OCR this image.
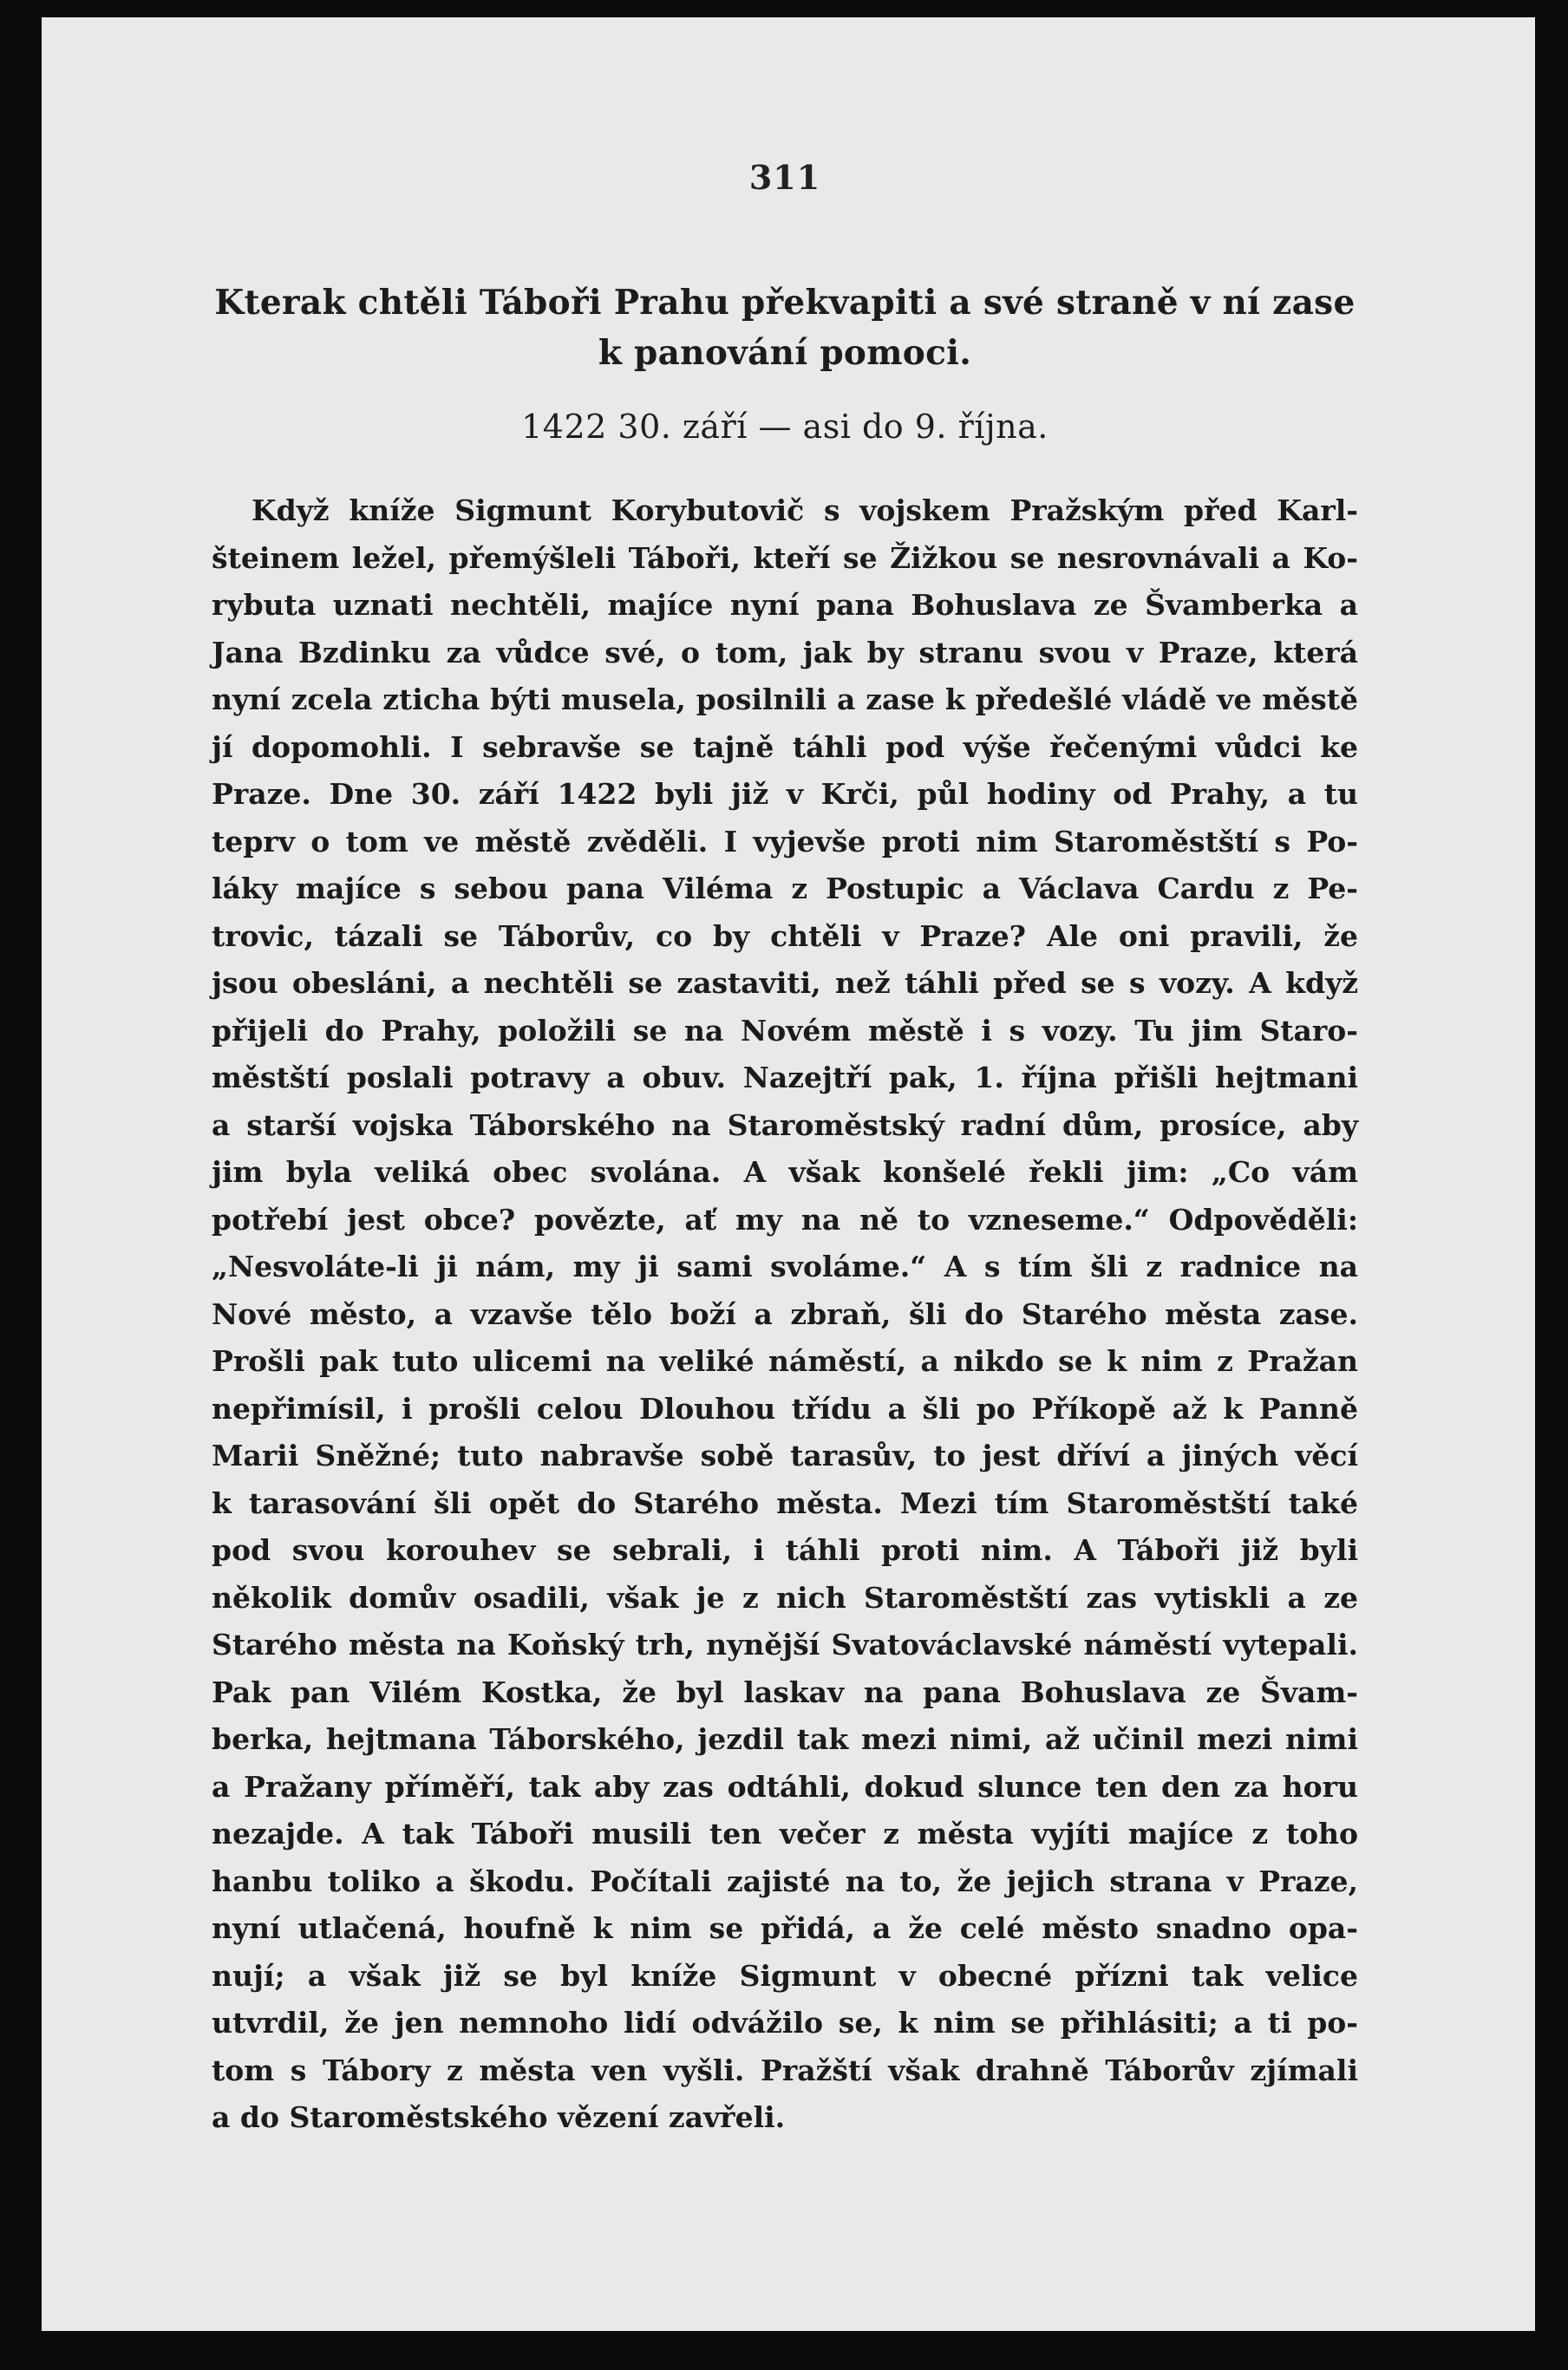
311
Kterak chtěli Táboři Prahu překvapiti a své straně v ní zase
k panování pomoci.
1422 30. září — asi do 9. října.
Když kníže Sigmunt Korybutovič s vojskem Pražským před Karl-
šteinem ležel, přemýšleli Táboři, kteří se Žižkou se nesrovnávali a Ko-
rybuta uznati nechtěli, majíce nyní pana Bohuslava ze Švamberka a
Jana Bzdinku za vůdce své, o tom, jak by stranu svou v Praze, která
nyní zcela zticha býti musela, posilnili a zase k předešlé vládě ve městě
jí dopomohli. I sebravše se tajně táhli pod výše řečenými vůdci ke
Praze. Dne 30. září 1422 byli již v Krči, půl hodiny od Prahy, a tu
teprv o tom ve městě zvěděli. I vyjevše proti nim Staroměstští s Po-
láky majíce s sebou pana Viléma z Postupic a Václava Cardu z Pe-
trovic, tázali se Táborův, co by chtěli v Praze? Ale oni pravili, že
jsou obesláni, a nechtěli se zastaviti, než táhli před se s vozy. A když
přijeli do Prahy, položili se na Novém městě i s vozy. Tu jim Staro-
městští poslali potravy a obuv. Nazejtří pak, 1. října přišli hejtmani
a starší vojska Táborského na Staroměstský radní dům, prosíce, aby
jim byla veliká obec svolána. A však konšelé řekli jim: „Co vám
potřebí jest obce? povězte, ať my na ně to vzneseme.“ Odpověděli:
„Nesvoláte-li ji nám, my ji sami svoláme.“ A s tím šli z radnice na
Nové město, a vzavše tělo boží a zbraň, šli do Starého města zase.
Prošli pak tuto ulicemi na veliké náměstí, a nikdo se k nim z Pražan
nepřimísil, i prošli celou Dlouhou třídu a šli po Příkopě až k Panně
Marii Sněžné; tuto nabravše sobě tarasův, to jest dříví a jiných věcí
k tarasování šli opět do Starého města. Mezi tím Staroměstští také
pod svou korouhev se sebrali, i táhli proti nim. A Táboři již byli
několik domův osadili, však je z nich Staroměstští zas vytiskli a ze
Starého města na Koňský trh, nynější Svatováclavské náměstí vytepali.
Pak pan Vilém Kostka, že byl laskav na pana Bohuslava ze Švam-
berka, hejtmana Táborského, jezdil tak mezi nimi, až učinil mezi nimi
a Pražany příměří, tak aby zas odtáhli, dokud slunce ten den za horu
nezajde. A tak Táboři musili ten večer z města vyjíti majíce z toho
hanbu toliko a škodu. Počítali zajisté na to, že jejich strana v Praze,
nyní utlačená, houfně k nim se přidá, a že celé město snadno opa-
nují; a však již se byl kníže Sigmunt v obecné přízni tak velice
utvrdil, že jen nemnoho lidí odvážilo se, k nim se přihlásiti; a ti po-
tom s Tábory z města ven vyšli. Pražští však drahně Táborův zjímali
a do Staroměstského vězení zavřeli.
